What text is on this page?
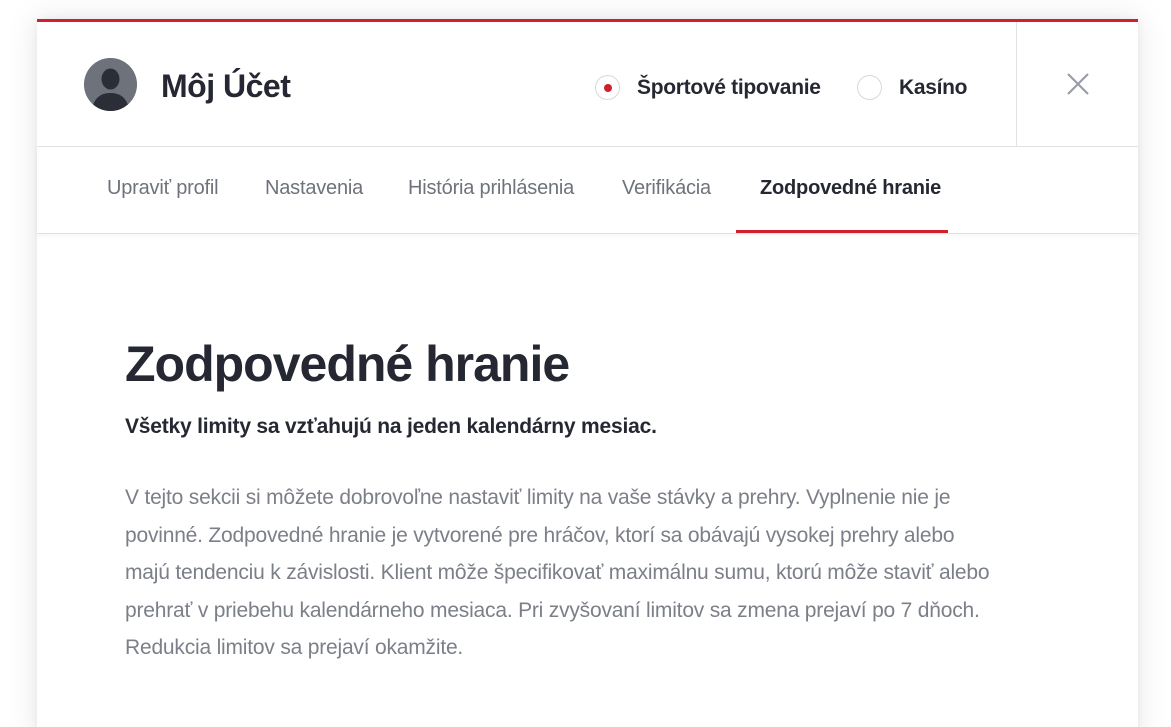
Môj Účet	Športové tipovanie	Kasíno
Upraviť profil Nastavenia História prihlásenia Verifikácia Zodpovedné hranie
Zodpovedné hranie
Všetky limity sa vzťahujú na jeden kalendárny mesiac.
V tejto sekcii si môžete dobrovoľne nastaviť limity na vaše stávky a prehry. Vyplnenie nie je povinné. Zodpovedné hranie je vytvorené pre hráčov, ktorí sa obávajú vysokej prehry alebo majú tendenciu k závislosti. Klient môže špecifikovať maximálnu sumu, ktorú môže staviť alebo prehrať v priebehu kalendárneho mesiaca. Pri zvyšovaní limitov sa zmena prejaví po 7 dňoch. Redukcia limitov sa prejaví okamžite.
